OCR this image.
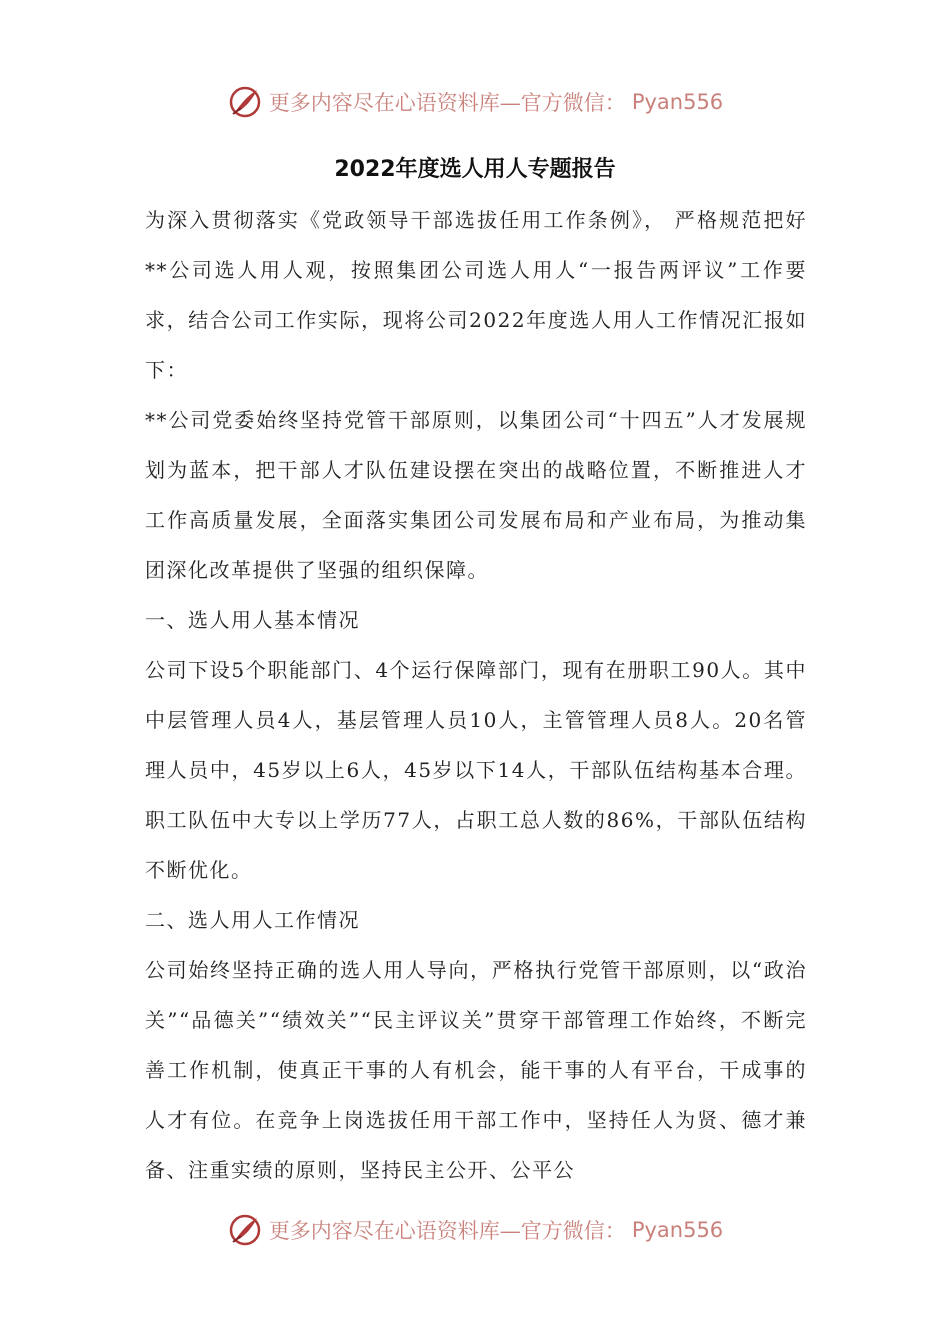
更多内容尽在心语资料库—官方微信： Pyan556
2022年度选人用人专题报告

为深入贯彻落实《党政领导干部选拔任用工作条例》， 严格规范把好**公司选人用人观，按照集团公司选人用人“一报告两评议”工作要求，结合公司工作实际，现将公司2022年度选人用人工作情况汇报如下：

**公司党委始终坚持党管干部原则，以集团公司“十四五”人才发展规划为蓝本，把干部人才队伍建设摆在突出的战略位置，不断推进人才工作高质量发展，全面落实集团公司发展布局和产业布局，为推动集团深化改革提供了坚强的组织保障。

一、选人用人基本情况

公司下设5个职能部门、4个运行保障部门，现有在册职工90人。其中中层管理人员4人，基层管理人员10人，主管管理人员8人。20名管理人员中，45岁以上6人，45岁以下14人，干部队伍结构基本合理。职工队伍中大专以上学历77人，占职工总人数的86%，干部队伍结构不断优化。

二、选人用人工作情况

公司始终坚持正确的选人用人导向，严格执行党管干部原则，以“政治关”“品德关”“绩效关”“民主评议关”贯穿干部管理工作始终，不断完善工作机制，使真正干事的人有机会，能干事的人有平台，干成事的人才有位。在竞争上岗选拔任用干部工作中，坚持任人为贤、德才兼备、注重实绩的原则，坚持民主公开、公平公

更多内容尽在心语资料库—官方微信： Pyan556
